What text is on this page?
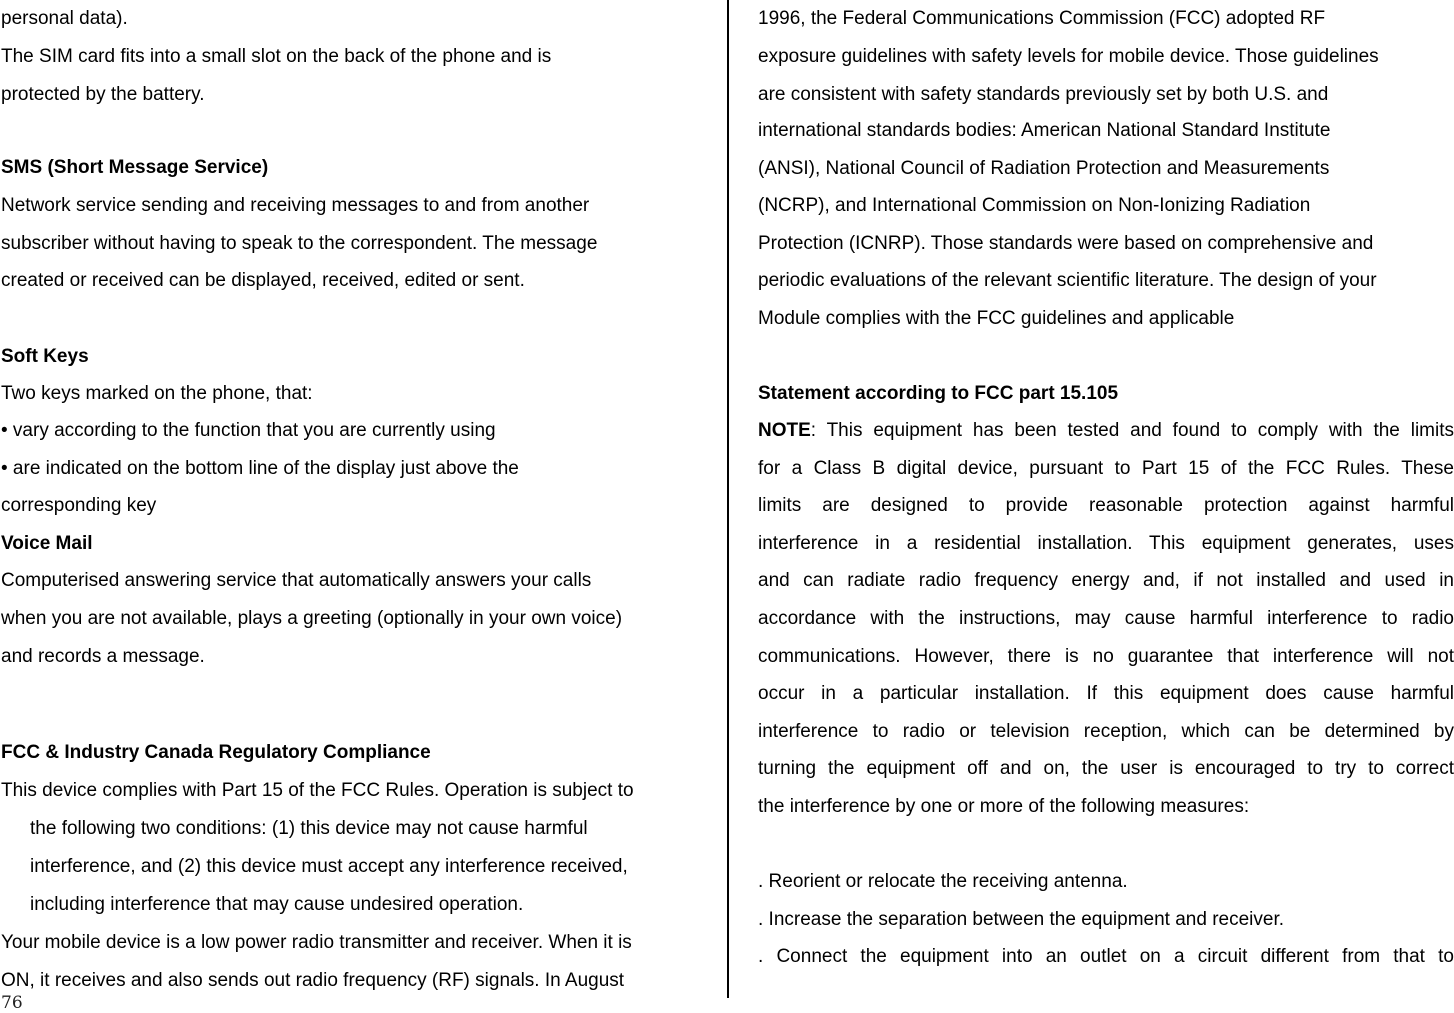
personal data).
The SIM card fits into a small slot on the back of the phone and is
protected by the battery.
SMS (Short Message Service)
Network service sending and receiving messages to and from another
subscriber without having to speak to the correspondent. The message
created or received can be displayed, received, edited or sent.
Soft Keys
Two keys marked on the phone, that:
• vary according to the function that you are currently using
• are indicated on the bottom line of the display just above the
corresponding key
Voice Mail
Computerised answering service that automatically answers your calls
when you are not available, plays a greeting (optionally in your own voice)
and records a message.
FCC & Industry Canada Regulatory Compliance
This device complies with Part 15 of the FCC Rules. Operation is subject to
the following two conditions: (1) this device may not cause harmful
interference, and (2) this device must accept any interference received,
including interference that may cause undesired operation.
Your mobile device is a low power radio transmitter and receiver. When it is
ON, it receives and also sends out radio frequency (RF) signals. In August
76
1996, the Federal Communications Commission (FCC) adopted RF
exposure guidelines with safety levels for mobile device. Those guidelines
are consistent with safety standards previously set by both U.S. and
international standards bodies: American National Standard Institute
(ANSI), National Council of Radiation Protection and Measurements
(NCRP), and International Commission on Non-Ionizing Radiation
Protection (ICNRP). Those standards were based on comprehensive and
periodic evaluations of the relevant scientific literature. The design of your
Module complies with the FCC guidelines and applicable
Statement according to FCC part 15.105
NOTE: This equipment has been tested and found to comply with the limits
for a Class B digital device, pursuant to Part 15 of the FCC Rules. These
limits are designed to provide reasonable protection against harmful
interference in a residential installation. This equipment generates, uses
and can radiate radio frequency energy and, if not installed and used in
accordance with the instructions, may cause harmful interference to radio
communications. However, there is no guarantee that interference will not
occur in a particular installation. If this equipment does cause harmful
interference to radio or television reception, which can be determined by
turning the equipment off and on, the user is encouraged to try to correct
the interference by one or more of the following measures:
. Reorient or relocate the receiving antenna.
. Increase the separation between the equipment and receiver.
. Connect the equipment into an outlet on a circuit different from that to
